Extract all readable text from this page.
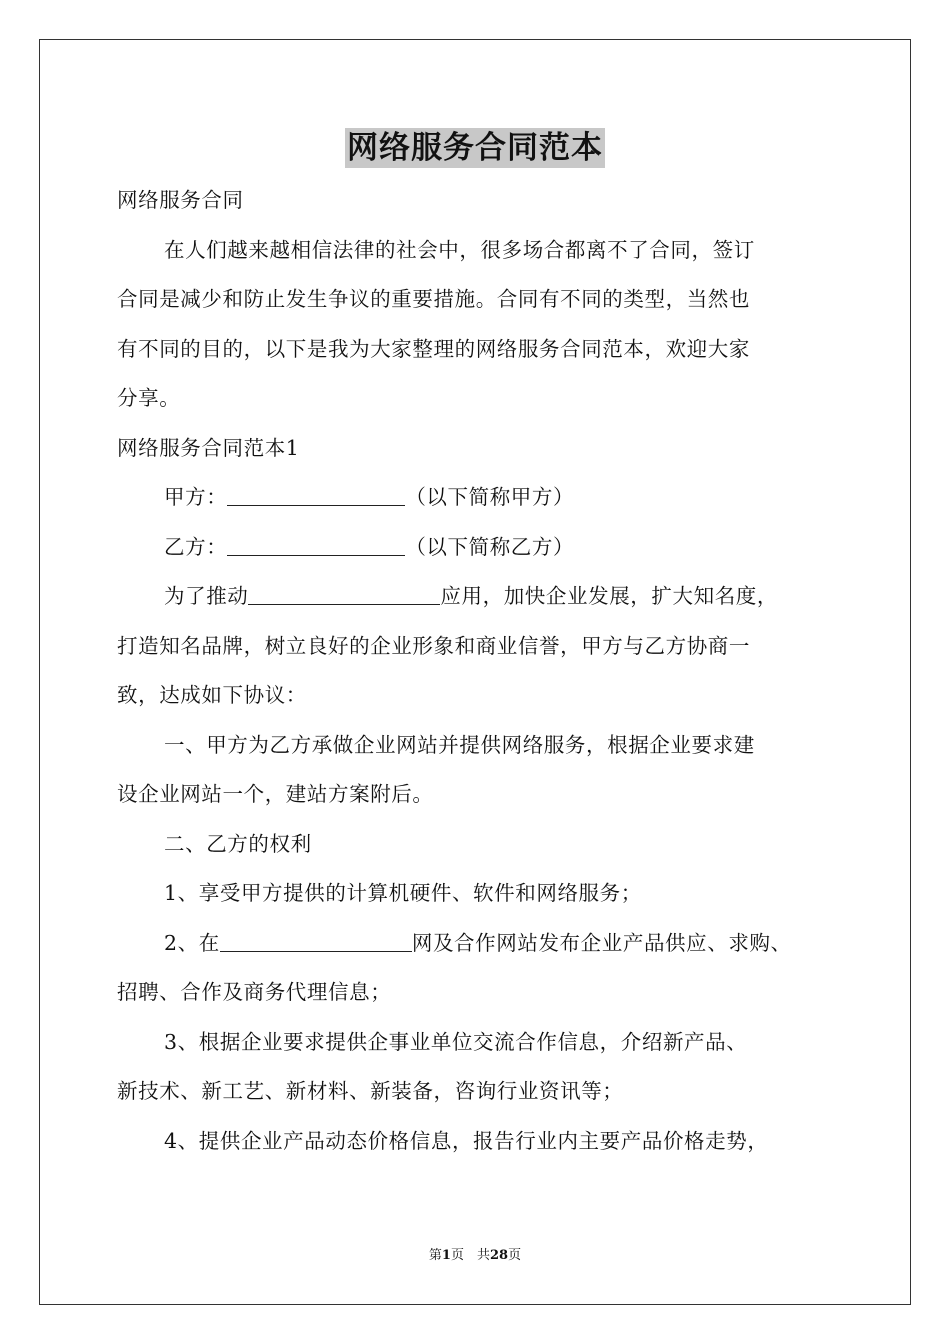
网络服务合同范本
网络服务合同
在人们越来越相信法律的社会中，很多场合都离不了合同，签订
合同是减少和防止发生争议的重要措施。合同有不同的类型，当然也
有不同的目的，以下是我为大家整理的网络服务合同范本，欢迎大家
分享。
网络服务合同范本1
甲方：	（以下简称甲方）
乙方：	（以下简称乙方）
为了推动	应用，加快企业发展，扩大知名度，
打造知名品牌，树立良好的企业形象和商业信誉，甲方与乙方协商一
致，达成如下协议：
一、甲方为乙方承做企业网站并提供网络服务，根据企业要求建
设企业网站一个，建站方案附后。
二、乙方的权利
1、享受甲方提供的计算机硬件、软件和网络服务；
2、在	网及合作网站发布企业产品供应、求购、
招聘、合作及商务代理信息；
3、根据企业要求提供企事业单位交流合作信息，介绍新产品、
新技术、新工艺、新材料、新装备，咨询行业资讯等；
4、提供企业产品动态价格信息，报告行业内主要产品价格走势，
第1页　共28页
